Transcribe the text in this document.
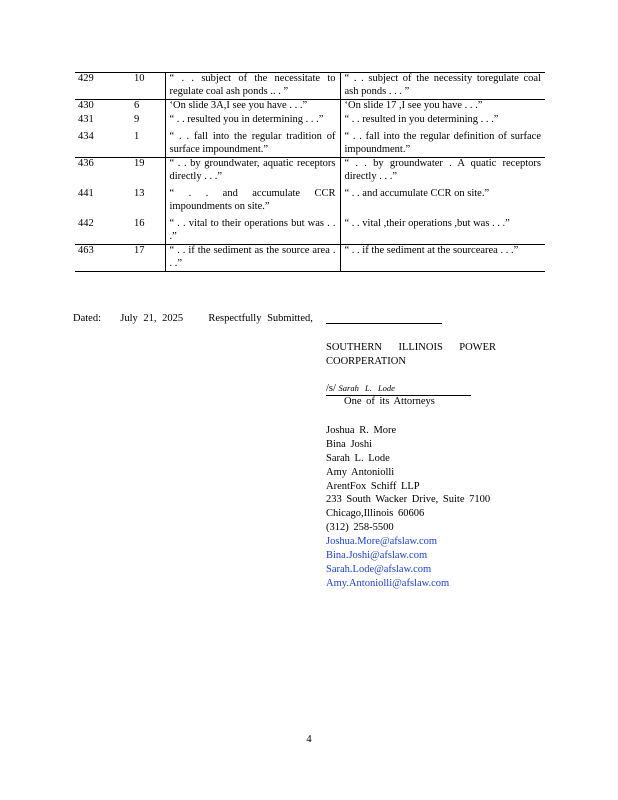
429	10	“ . . subject of the necessitate to regulate coal ash ponds .. . ”	“ . . subject of the necessity toregulate coal ash ponds . . . ”
430	6	‘On slide 3A,I see you have . . .”	‘On slide 17 ,I see you have . . .”
431	9	“ . . resulted you in determining . . .”	“ . . resulted in you determining . . .”
434	1	“ . . fall into the regular tradition of surface impoundment.”	“ . . fall into the regular definition of surface impoundment.”
436	19	“ . . by groundwater, aquatic receptors directly . . .”	“ . . by groundwater . A quatic receptors directly . . .”
441	13	“ . . and accumulate CCR impoundments on site.”	“ . . and accumulate CCR on site.”
442	16	“ . . vital to their operations but was . . .”	“ . . vital ,their operations ,but was . . .”
463	17	“ . . if the sediment as the source area . . .”	“ . . if the sediment at the sourcearea . . .”
Dated: July 21, 2025 Respectfully Submitted,
SOUTHERN ILLINOIS POWER COORPERATION
/s/ Sarah L. Lode
One of its Attorneys
Joshua R. More
Bina Joshi
Sarah L. Lode
Amy Antoniolli
ArentFox Schiff LLP
233 South Wacker Drive, Suite 7100
Chicago,Illinois 60606
(312) 258-5500
Joshua.More@afslaw.com
Bina.Joshi@afslaw.com
Sarah.Lode@afslaw.com
Amy.Antoniolli@afslaw.com
4
